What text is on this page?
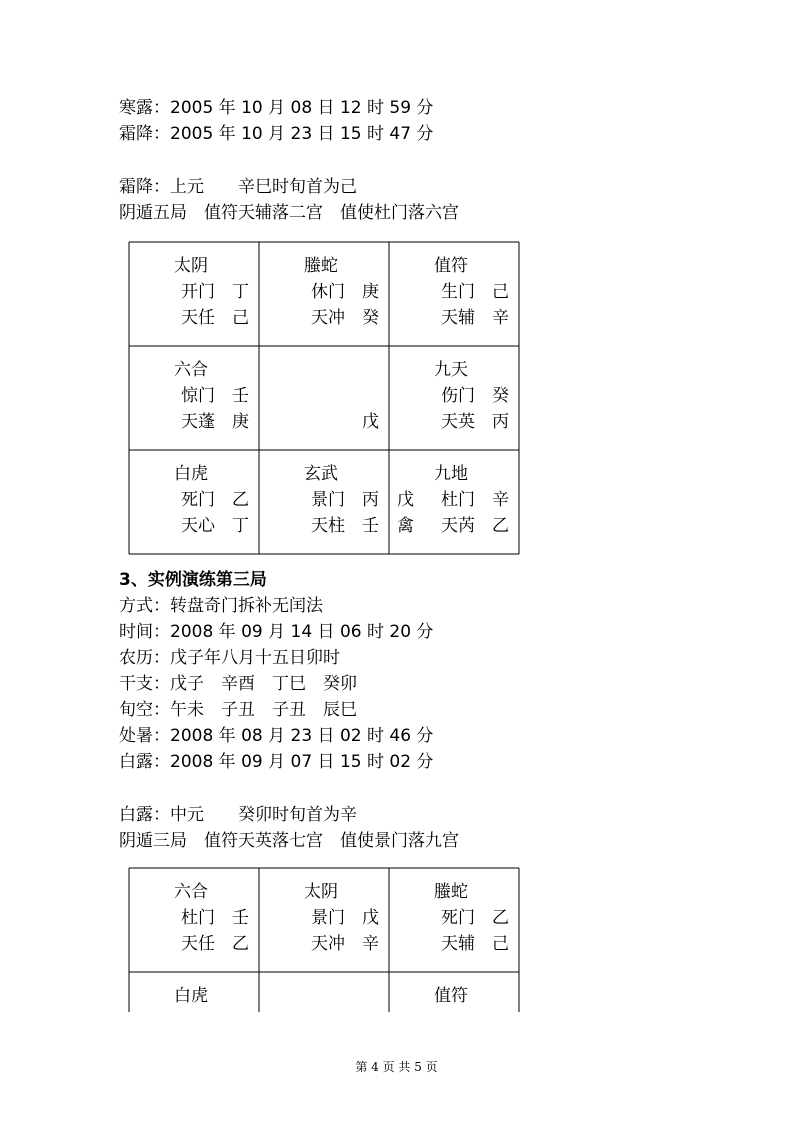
寒露：2005 年 10 月 08 日 12 时 59 分
霜降：2005 年 10 月 23 日 15 时 47 分
霜降：上元　　辛巳时旬首为己
阴遁五局　值符天辅落二宫　值使杜门落六宫
太阴
开门　丁
天任　己
螣蛇
休门　庚
天冲　癸
值符
生门　己
天辅　辛
六合
惊门　壬
天蓬　庚	戊
九天
伤门　癸
天英　丙
白虎
死门　乙
天心　丁
玄武
景门　丙
天柱　壬
九地
杜门　辛
戊
天芮　乙
禽
3、实例演练第三局
方式：转盘奇门拆补无闰法
时间：2008 年 09 月 14 日 06 时 20 分
农历：戊子年八月十五日卯时
干支：戊子　辛酉　丁巳　癸卯
旬空：午未　子丑　子丑　辰巳
处暑：2008 年 08 月 23 日 02 时 46 分
白露：2008 年 09 月 07 日 15 时 02 分
白露：中元　　癸卯时旬首为辛
阴遁三局　值符天英落七宫　值使景门落九宫
六合
杜门　壬
天任　乙
太阴
景门　戊
天冲　辛
螣蛇
死门　乙
天辅　己
白虎	值符
第 4 页 共 5 页
